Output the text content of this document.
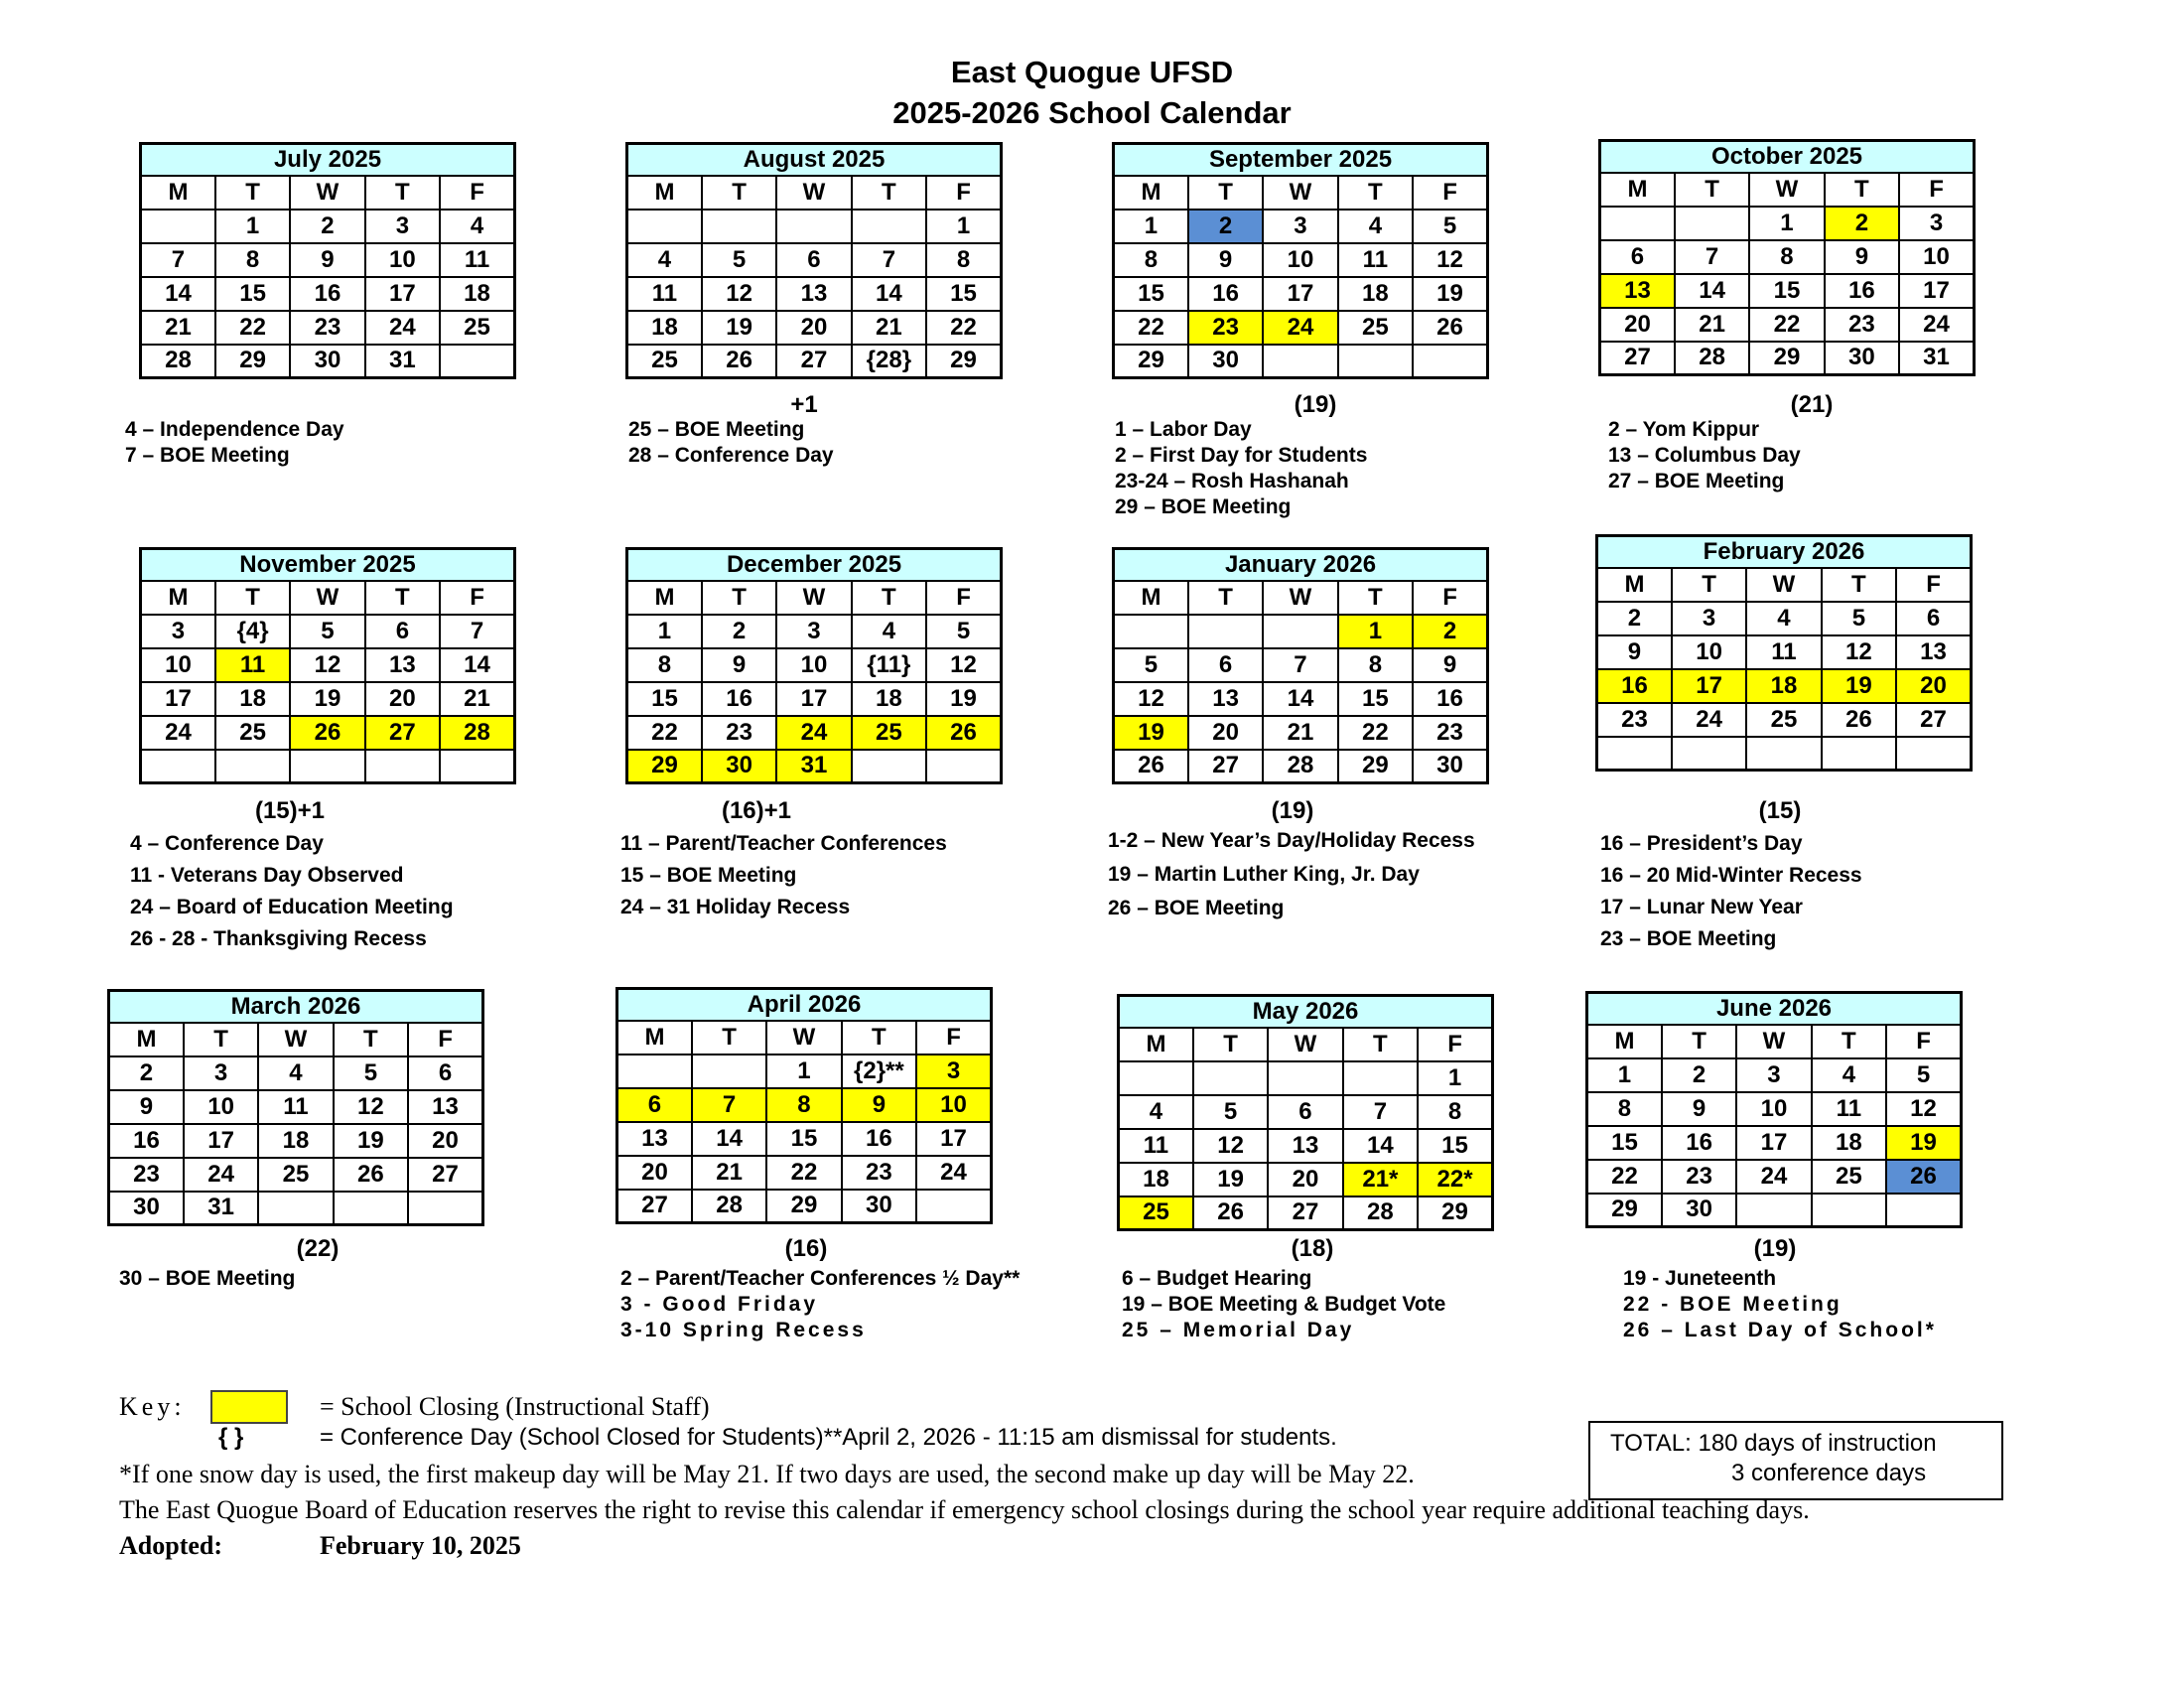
East Quogue UFSD
2025-2026 School Calendar
July 2025				
M	T	W	T	F
	1	2	3	4
7	8	9	10	11
14	15	16	17	18
21	22	23	24	25
28	29	30	31	
4 – Independence Day
7 – BOE Meeting
August 2025				
M	T	W	T	F
				1
4	5	6	7	8
11	12	13	14	15
18	19	20	21	22
25	26	27	{28}	29
+1
25 – BOE Meeting
28 – Conference Day
September 2025				
M	T	W	T	F
1	2	3	4	5
8	9	10	11	12
15	16	17	18	19
22	23	24	25	26
29	30			
(19)
1 – Labor Day
2 – First Day for Students
23-24 – Rosh Hashanah
29 – BOE Meeting
October 2025				
M	T	W	T	F
		1	2	3
6	7	8	9	10
13	14	15	16	17
20	21	22	23	24
27	28	29	30	31
(21)
2 – Yom Kippur
13 – Columbus Day
27 – BOE Meeting
November 2025				
M	T	W	T	F
3	{4}	5	6	7
10	11	12	13	14
17	18	19	20	21
24	25	26	27	28

(15)+1
4 – Conference Day
11 - Veterans Day Observed
24 – Board of Education Meeting
26 - 28 - Thanksgiving Recess
December 2025				
M	T	W	T	F
1	2	3	4	5
8	9	10	{11}	12
15	16	17	18	19
22	23	24	25	26
29	30	31		
(16)+1
11 – Parent/Teacher Conferences
15 – BOE Meeting
24 – 31 Holiday Recess
January 2026				
M	T	W	T	F
			1	2
5	6	7	8	9
12	13	14	15	16
19	20	21	22	23
26	27	28	29	30
(19)
1-2 – New Year’s Day/Holiday Recess
19 – Martin Luther King, Jr. Day
26 – BOE Meeting
February 2026				
M	T	W	T	F
2	3	4	5	6
9	10	11	12	13
16	17	18	19	20
23	24	25	26	27

(15)
16 – President’s Day
16 – 20 Mid-Winter Recess
17 – Lunar New Year
23 – BOE Meeting
March 2026				
M	T	W	T	F
2	3	4	5	6
9	10	11	12	13
16	17	18	19	20
23	24	25	26	27
30	31			
(22)
30 – BOE Meeting
April 2026				
M	T	W	T	F
		1	{2}**	3
6	7	8	9	10
13	14	15	16	17
20	21	22	23	24
27	28	29	30	
(16)
2 – Parent/Teacher Conferences ½ Day**
3 - Good Friday
3-10 Spring Recess
May 2026				
M	T	W	T	F
				1
4	5	6	7	8
11	12	13	14	15
18	19	20	21*	22*
25	26	27	28	29
(18)
6 – Budget Hearing
19 – BOE Meeting & Budget Vote
25 – Memorial Day
June 2026				
M	T	W	T	F
1	2	3	4	5
8	9	10	11	12
15	16	17	18	19
22	23	24	25	26
29	30			
(19)
19 - Juneteenth
22 - BOE Meeting
26 – Last Day of School*
Key:	= School Closing (Instructional Staff)
{ }	= Conference Day (School Closed for Students)**April 2, 2026 - 11:15 am dismissal for students.
*If one snow day is used, the first makeup day will be May 21. If two days are used, the second make up day will be May 22.
The East Quogue Board of Education reserves the right to revise this calendar if emergency school closings during the school year require additional teaching days.
Adopted:	February 10, 2025
TOTAL: 180 days of instruction
3 conference days
